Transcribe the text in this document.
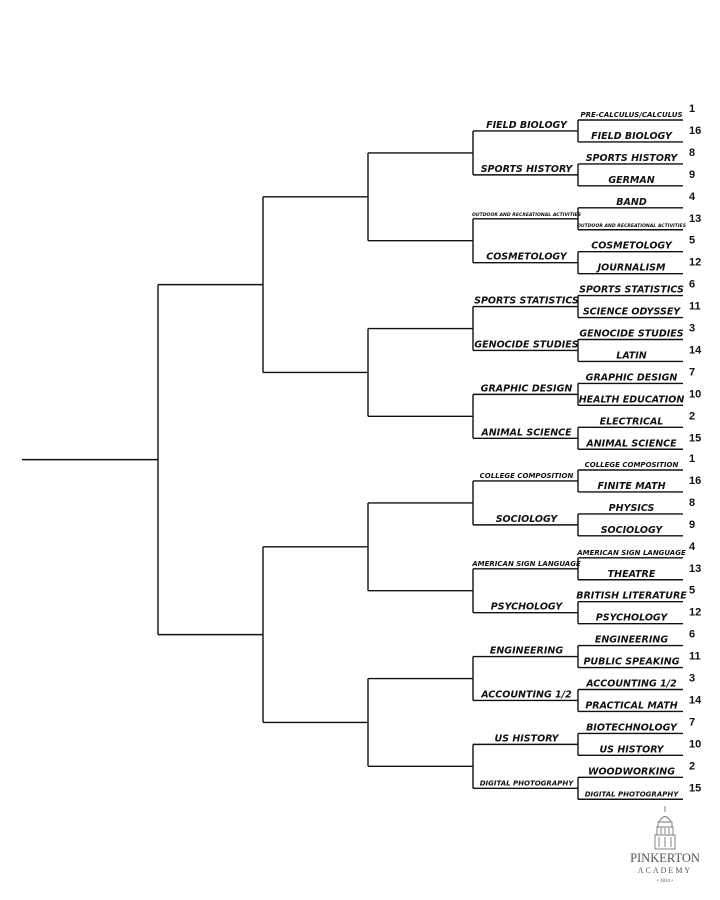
PRE-CALCULUS/CALCULUS 1
FIELD BIOLOGY 16
SPORTS HISTORY 8
GERMAN	9
BAND	4
OUTDOOR AND RECREATIONAL ACTIVITIES
13
COSMETOLOGY 5
JOURNALISM 12
SPORTS STATISTICS 6
SCIENCE ODYSSEY 11
GENOCIDE STUDIES 3
LATIN	14
GRAPHIC DESIGN 7
HEALTH EDUCATION 10
ELECTRICAL 2
ANIMAL SCIENCE 15
COLLEGE COMPOSITION 1
FINITE MATH 16
PHYSICS	8
SOCIOLOGY 9
AMERICAN SIGN LANGUAGE 4
THEATRE	13
BRITISH LITERATURE 5
PSYCHOLOGY 12
ENGINEERING 6
PUBLIC SPEAKING 11
ACCOUNTING 1/2 3
PRACTICAL MATH 14
BIOTECHNOLOGY 7
US HISTORY 10
WOODWORKING 2
DIGITAL PHOTOGRAPHY 15
FIELD BIOLOGY
SPORTS HISTORY
OUTDOOR AND RECREATIONAL ACTIVITIES
COSMETOLOGY
SPORTS STATISTICS
GENOCIDE STUDIES
GRAPHIC DESIGN
ANIMAL SCIENCE
COLLEGE COMPOSITION
SOCIOLOGY
AMERICAN SIGN LANGUAGE
PSYCHOLOGY
ENGINEERING
ACCOUNTING 1/2
US HISTORY
DIGITAL PHOTOGRAPHY
PINKERTON
ACADEMY
• 1814 •
